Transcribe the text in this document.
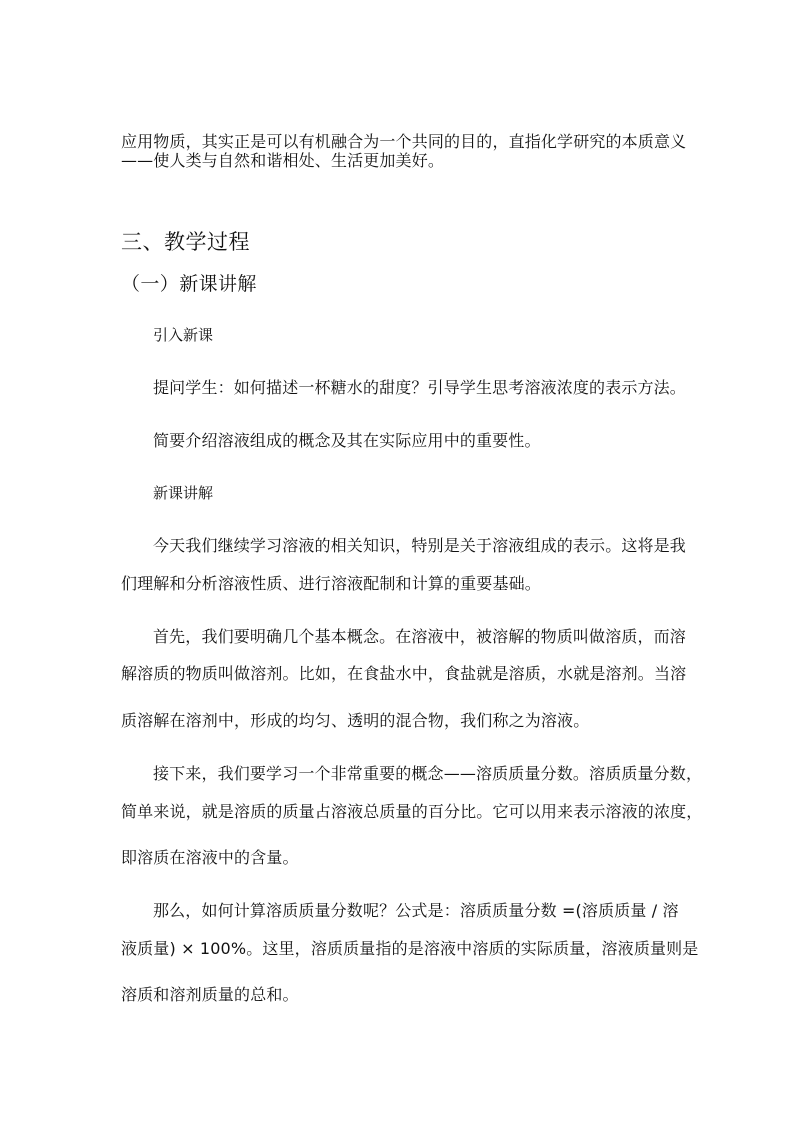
应用物质，其实正是可以有机融合为一个共同的目的，直指化学研究的本质意义
——使人类与自然和谐相处、生活更加美好。
三、教学过程
（一）新课讲解
引入新课
提问学生：如何描述一杯糖水的甜度？引导学生思考溶液浓度的表示方法。
简要介绍溶液组成的概念及其在实际应用中的重要性。
新课讲解
今天我们继续学习溶液的相关知识，特别是关于溶液组成的表示。这将是我
们理解和分析溶液性质、进行溶液配制和计算的重要基础。
首先，我们要明确几个基本概念。在溶液中，被溶解的物质叫做溶质，而溶
解溶质的物质叫做溶剂。比如，在食盐水中，食盐就是溶质，水就是溶剂。当溶
质溶解在溶剂中，形成的均匀、透明的混合物，我们称之为溶液。
接下来，我们要学习一个非常重要的概念——溶质质量分数。溶质质量分数，
简单来说，就是溶质的质量占溶液总质量的百分比。它可以用来表示溶液的浓度，
即溶质在溶液中的含量。
那么，如何计算溶质质量分数呢？公式是：溶质质量分数 =(溶质质量 / 溶
液质量) × 100%。这里，溶质质量指的是溶液中溶质的实际质量，溶液质量则是
溶质和溶剂质量的总和。
